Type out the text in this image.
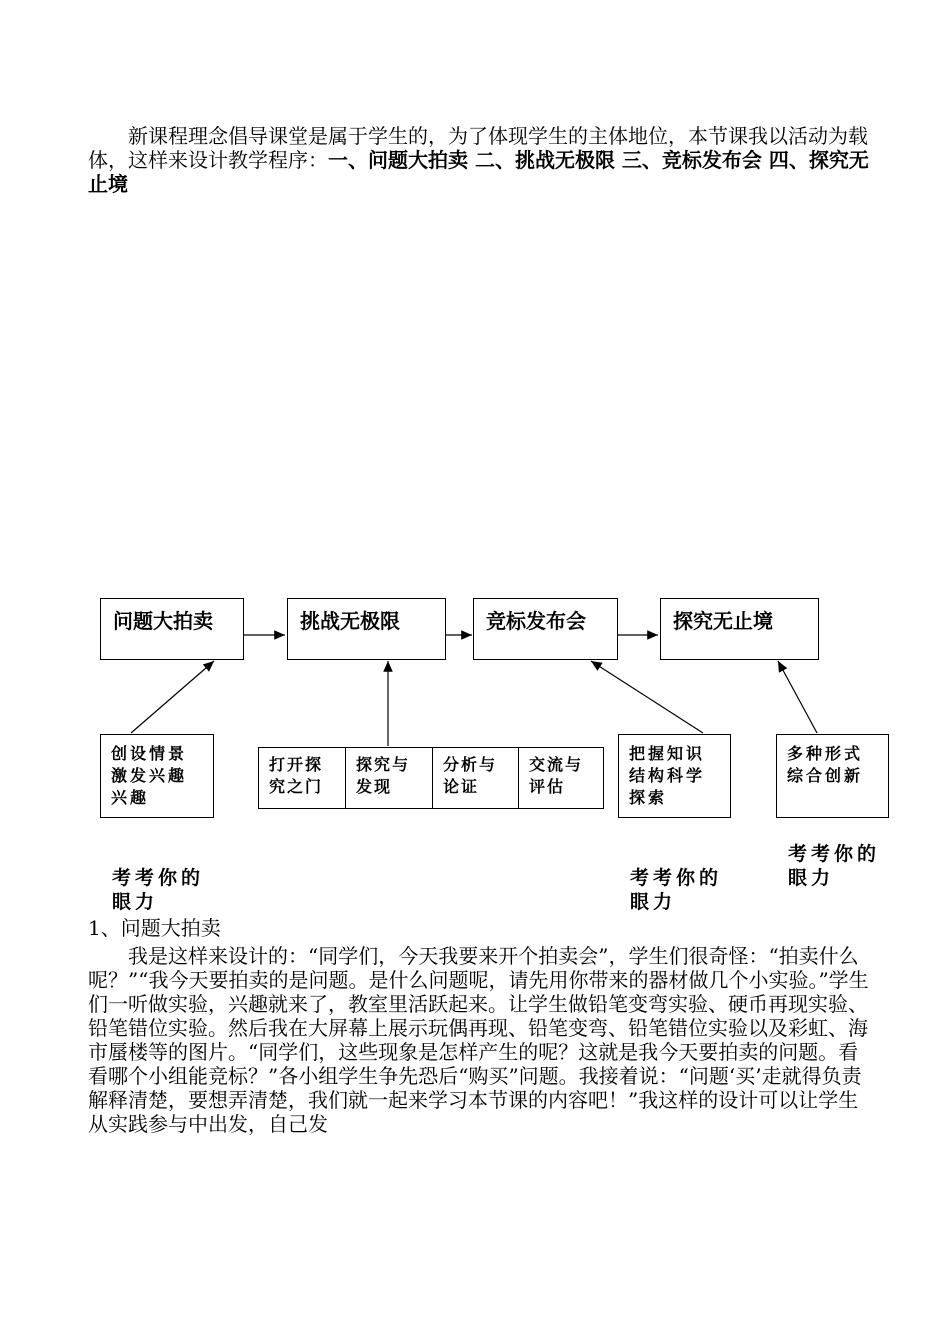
新课程理念倡导课堂是属于学生的，为了体现学生的主体地位，本节课我以活动为载体，这样来设计教学程序：一、问题大拍卖 二、挑战无极限 三、竞标发布会 四、探究无止境

问题大拍卖	挑战无极限	竞标发布会	探究无止境
创设情景激发兴趣兴趣
打开探究之门
探究与发现
分析与论证
交流与评估
把握知识结构科学探索
多种形式综合创新
考考你的眼力
考考你的眼力
考考你的眼力
1、问题大拍卖

我是这样来设计的：“同学们，今天我要来开个拍卖会”，学生们很奇怪：“拍卖什么呢？”“我今天要拍卖的是问题。是什么问题呢，请先用你带来的器材做几个小实验。”学生们一听做实验，兴趣就来了，教室里活跃起来。让学生做铅笔变弯实验、硬币再现实验、铅笔错位实验。然后我在大屏幕上展示玩偶再现、铅笔变弯、铅笔错位实验以及彩虹、海市蜃楼等的图片。“同学们，这些现象是怎样产生的呢？这就是我今天要拍卖的问题。看看哪个小组能竞标？”各小组学生争先恐后“购买”问题。我接着说：“问题‘买’走就得负责解释清楚，要想弄清楚，我们就一起来学习本节课的内容吧！”我这样的设计可以让学生从实践参与中出发，自己发
